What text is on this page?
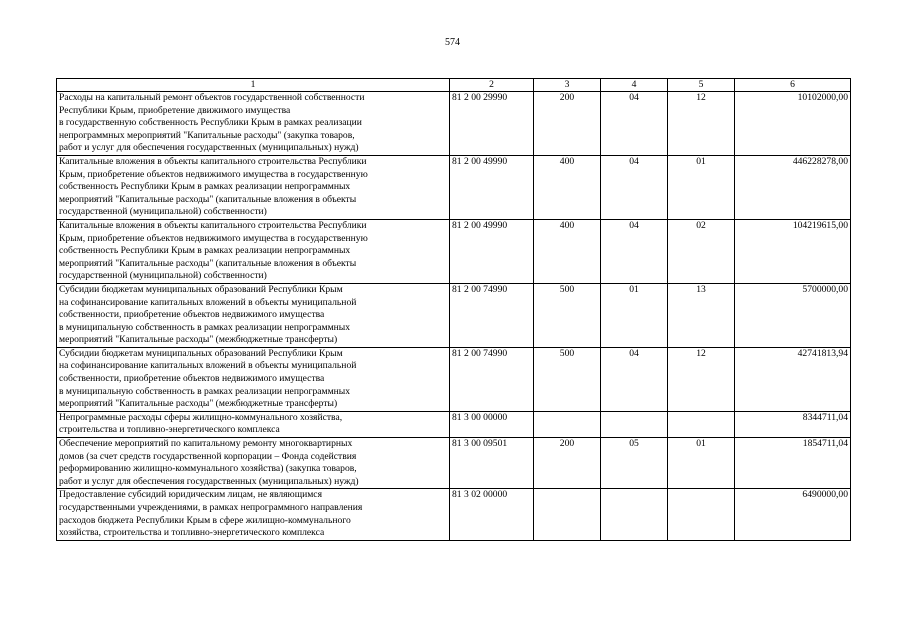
574
1	2	3	4	5	6
Расходы на капитальный ремонт объектов государственной собственности
Республики Крым, приобретение движимого имущества
в государственную собственность Республики Крым в рамках реализации
непрограммных мероприятий "Капитальные расходы" (закупка товаров,
работ и услуг для обеспечения государственных (муниципальных) нужд)	81 2 00 29990	200	04	12	10102000,00
Капитальные вложения в объекты капитального строительства Республики
Крым, приобретение объектов недвижимого имущества в государственную
собственность Республики Крым в рамках реализации непрограммных
мероприятий "Капитальные расходы" (капитальные вложения в объекты
государственной (муниципальной) собственности)	81 2 00 49990	400	04	01	446228278,00
Капитальные вложения в объекты капитального строительства Республики
Крым, приобретение объектов недвижимого имущества в государственную
собственность Республики Крым в рамках реализации непрограммных
мероприятий "Капитальные расходы" (капитальные вложения в объекты
государственной (муниципальной) собственности)	81 2 00 49990	400	04	02	104219615,00
Субсидии бюджетам муниципальных образований Республики Крым
на софинансирование капитальных вложений в объекты муниципальной
собственности, приобретение объектов недвижимого имущества
в муниципальную собственность в рамках реализации непрограммных
мероприятий "Капитальные расходы" (межбюджетные трансферты)	81 2 00 74990	500	01	13	5700000,00
Субсидии бюджетам муниципальных образований Республики Крым
на софинансирование капитальных вложений в объекты муниципальной
собственности, приобретение объектов недвижимого имущества
в муниципальную собственность в рамках реализации непрограммных
мероприятий "Капитальные расходы" (межбюджетные трансферты)	81 2 00 74990	500	04	12	42741813,94
Непрограммные расходы сферы жилищно-коммунального хозяйства,
строительства и топливно-энергетического комплекса	81 3 00 00000				8344711,04
Обеспечение мероприятий по капитальному ремонту многоквартирных
домов (за счет средств государственной корпорации – Фонда содействия
реформированию жилищно-коммунального хозяйства) (закупка товаров,
работ и услуг для обеспечения государственных (муниципальных) нужд)	81 3 00 09501	200	05	01	1854711,04
Предоставление субсидий юридическим лицам, не являющимся
государственными учреждениями, в рамках непрограммного направления
расходов бюджета Республики Крым в сфере жилищно-коммунального
хозяйства, строительства и топливно-энергетического комплекса	81 3 02 00000				6490000,00
